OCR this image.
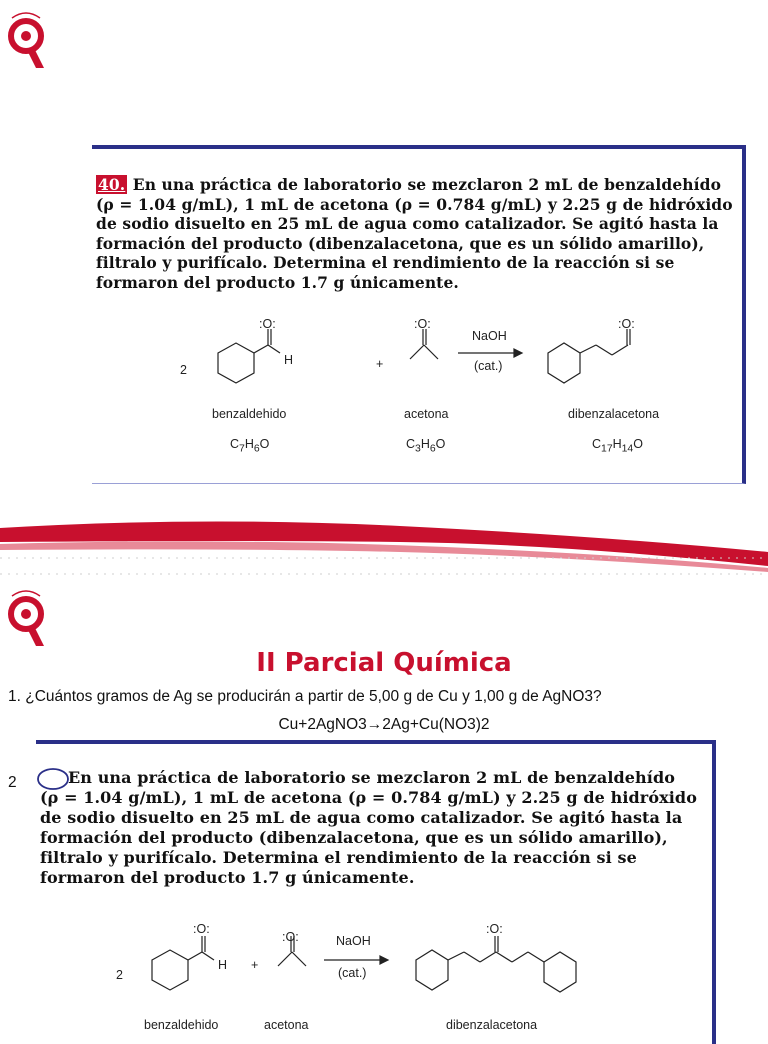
40. En una práctica de laboratorio se mezclaron 2 mL de benzaldehído
(ρ = 1.04 g/mL), 1 mL de acetona (ρ = 0.784 g/mL) y 2.25 g de hidróxido
de sodio disuelto en 25 mL de agua como catalizador. Se agitó hasta la
formación del producto (dibenzalacetona, que es un sólido amarillo),
filtralo y purifícalo. Determina el rendimiento de la reacción si se
formaron del producto 1.7 g únicamente.

2
:O:
H	+
:O:
NaOH
(cat.)
:O:
benzaldehido	acetona	dibenzalacetona
$C_7H_6O$	$C_3H_6O$	$C_{17}H_{14}O$
II Parcial Química
1. ¿Cuántos gramos de Ag se producirán a partir de 5,00 g de Cu y 1,00 g de AgNO3?
Cu+2AgNO3→2Ag+Cu(NO3)2
2	En una práctica de laboratorio se mezclaron 2 mL de benzaldehído
(ρ = 1.04 g/mL), 1 mL de acetona (ρ = 0.784 g/mL) y 2.25 g de hidróxido
de sodio disuelto en 25 mL de agua como catalizador. Se agitó hasta la
formación del producto (dibenzalacetona, que es un sólido amarillo),
filtralo y purifícalo. Determina el rendimiento de la reacción si se
formaron del producto 1.7 g únicamente.

2
:O:
H +
:O:	NaOH
(cat.)
:O:
benzaldehido	acetona	dibenzalacetona
